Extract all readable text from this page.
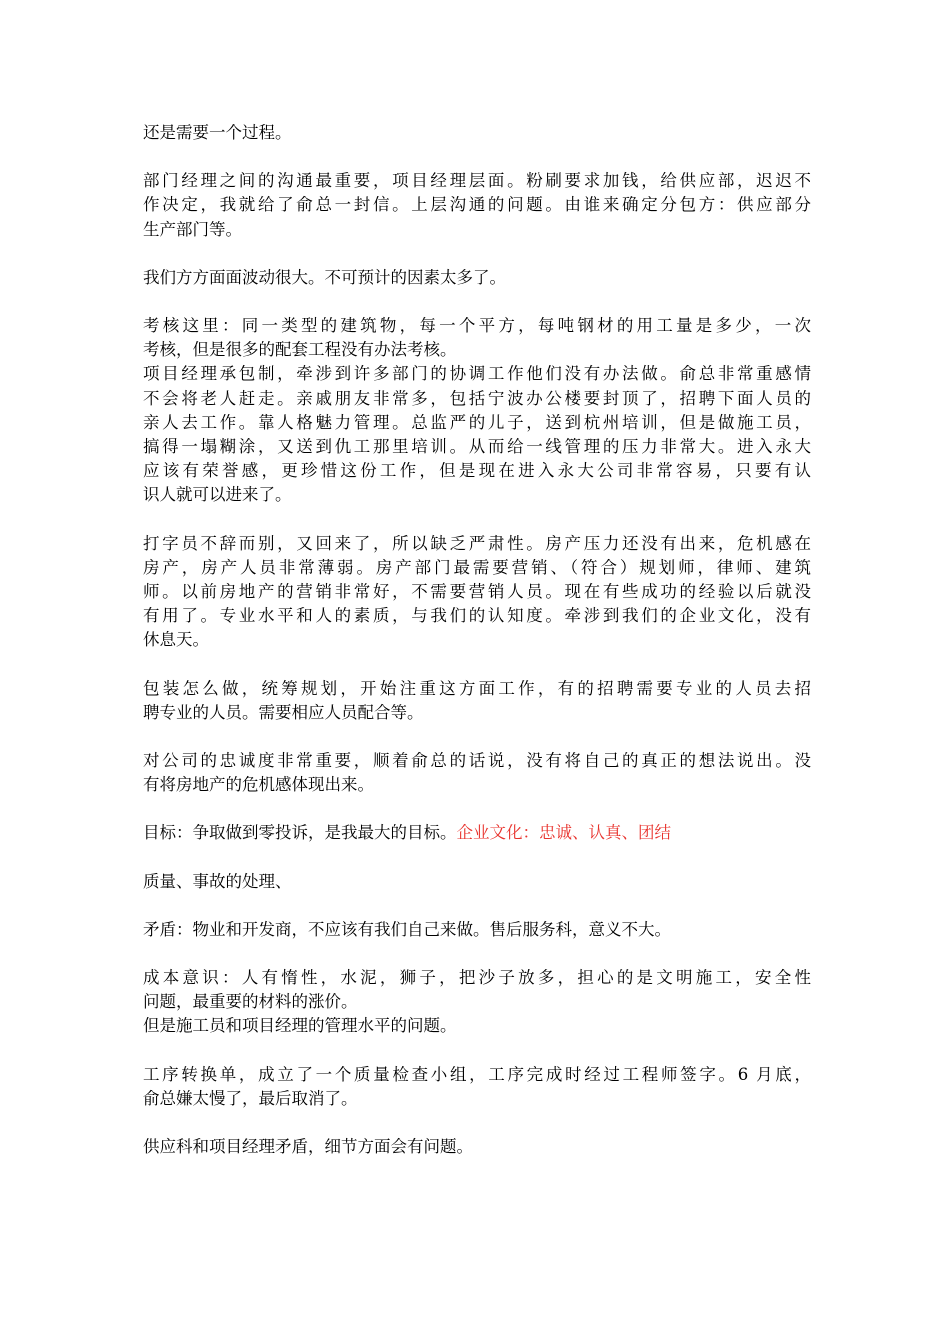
还是需要一个过程。

部门经理之间的沟通最重要，项目经理层面。粉刷要求加钱，给供应部，迟迟不
作决定，我就给了俞总一封信。上层沟通的问题。由谁来确定分包方：供应部分
生产部门等。

我们方方面面波动很大。不可预计的因素太多了。

考核这里：同一类型的建筑物，每一个平方，每吨钢材的用工量是多少，一次
考核，但是很多的配套工程没有办法考核。

项目经理承包制，牵涉到许多部门的协调工作他们没有办法做。俞总非常重感情
不会将老人赶走。亲戚朋友非常多，包括宁波办公楼要封顶了，招聘下面人员的
亲人去工作。靠人格魅力管理。总监严的儿子，送到杭州培训，但是做施工员，
搞得一塌糊涂，又送到仇工那里培训。从而给一线管理的压力非常大。进入永大
应该有荣誉感，更珍惜这份工作，但是现在进入永大公司非常容易，只要有认
识人就可以进来了。

打字员不辞而别，又回来了，所以缺乏严肃性。房产压力还没有出来，危机感在
房产，房产人员非常薄弱。房产部门最需要营销、（符合）规划师，律师、建筑
师。以前房地产的营销非常好，不需要营销人员。现在有些成功的经验以后就没
有用了。专业水平和人的素质，与我们的认知度。牵涉到我们的企业文化，没有
休息天。

包装怎么做，统筹规划，开始注重这方面工作，有的招聘需要专业的人员去招
聘专业的人员。需要相应人员配合等。

对公司的忠诚度非常重要，顺着俞总的话说，没有将自己的真正的想法说出。没
有将房地产的危机感体现出来。

目标：争取做到零投诉，是我最大的目标。企业文化：忠诚、认真、团结

质量、事故的处理、

矛盾：物业和开发商，不应该有我们自己来做。售后服务科，意义不大。

成本意识：人有惰性，水泥，狮子，把沙子放多，担心的是文明施工，安全性
问题，最重要的材料的涨价。

但是施工员和项目经理的管理水平的问题。

工序转换单，成立了一个质量检查小组，工序完成时经过工程师签字。6 月底，
俞总嫌太慢了，最后取消了。

供应科和项目经理矛盾，细节方面会有问题。
